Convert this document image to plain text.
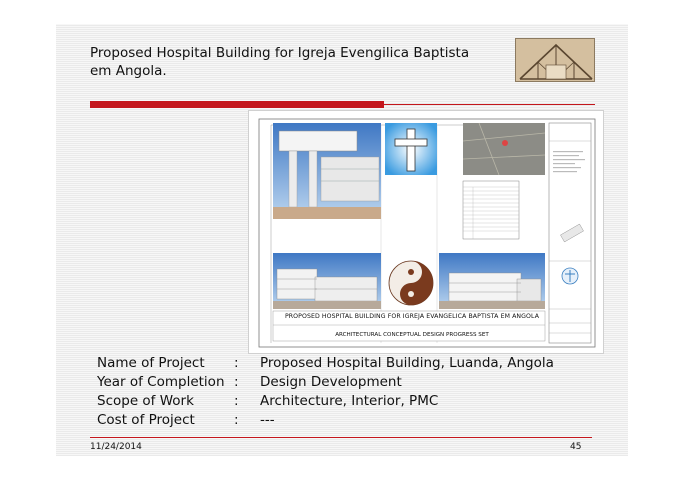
Proposed Hospital Building for Igreja Evengilica Baptista
em Angola.
PROPOSED HOSPITAL BUILDING FOR IGREJA EVANGELICA BAPTISTA EM ANGOLA
ARCHITECTURAL CONCEPTUAL DESIGN PROGRESS SET
Name of Project	:	Proposed Hospital Building, Luanda, Angola
Year of Completion :	Design Development
Scope of Work	:	Architecture, Interior, PMC
Cost of Project	:	---
11/24/2014	45
